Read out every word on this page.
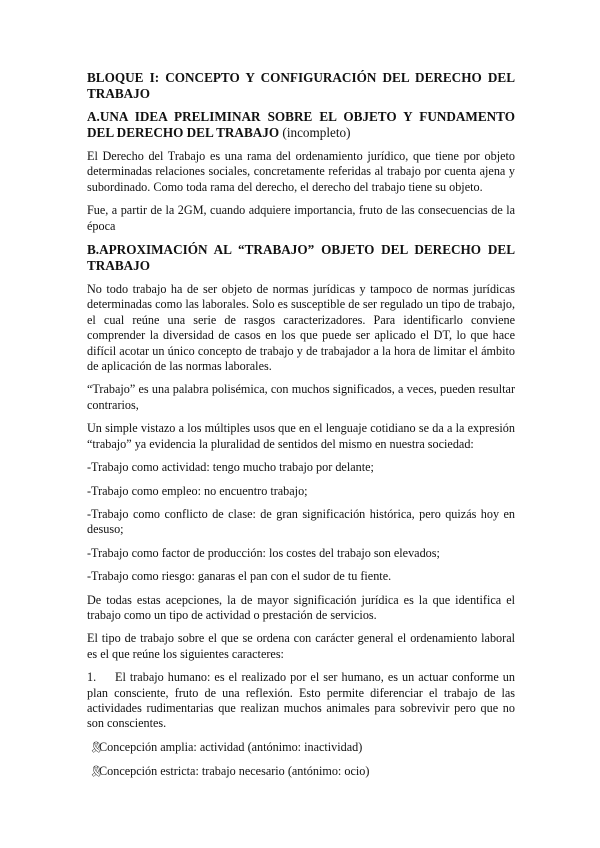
BLOQUE I: CONCEPTO Y CONFIGURACIÓN DEL DERECHO DEL TRABAJO
A.UNA IDEA PRELIMINAR SOBRE EL OBJETO Y FUNDAMENTO DEL DERECHO DEL TRABAJO (incompleto)

El Derecho del Trabajo es una rama del ordenamiento jurídico, que tiene por objeto determinadas relaciones sociales, concretamente referidas al trabajo por cuenta ajena y subordinado. Como toda rama del derecho, el derecho del trabajo tiene su objeto.

Fue, a partir de la 2GM, cuando adquiere importancia, fruto de las consecuencias de la época

B.APROXIMACIÓN AL “TRABAJO” OBJETO DEL DERECHO DEL TRABAJO

No todo trabajo ha de ser objeto de normas jurídicas y tampoco de normas jurídicas determinadas como las laborales. Solo es susceptible de ser regulado un tipo de trabajo, el cual reúne una serie de rasgos caracterizadores. Para identificarlo conviene comprender la diversidad de casos en los que puede ser aplicado el DT, lo que hace difícil acotar un único concepto de trabajo y de trabajador a la hora de limitar el ámbito de aplicación de las normas laborales.

“Trabajo” es una palabra polisémica, con muchos significados, a veces, pueden resultar contrarios,

Un simple vistazo a los múltiples usos que en el lenguaje cotidiano se da a la expresión “trabajo” ya evidencia la pluralidad de sentidos del mismo en nuestra sociedad:

-Trabajo como actividad: tengo mucho trabajo por delante;

-Trabajo como empleo: no encuentro trabajo;

-Trabajo como conflicto de clase: de gran significación histórica, pero quizás hoy en desuso;

-Trabajo como factor de producción: los costes del trabajo son elevados;

-Trabajo como riesgo: ganaras el pan con el sudor de tu fiente.

De todas estas acepciones, la de mayor significación jurídica es la que identifica el trabajo como un tipo de actividad o prestación de servicios.

El tipo de trabajo sobre el que se ordena con carácter general el ordenamiento laboral es el que reúne los siguientes caracteres:

1. El trabajo humano: es el realizado por el ser humano, es un actuar conforme un plan consciente, fruto de una reflexión. Esto permite diferenciar el trabajo de las actividades rudimentarias que realizan muchos animales para sobrevivir pero que no son conscientes.

🎗Concepción amplia: actividad (antónimo: inactividad)

🎗Concepción estricta: trabajo necesario (antónimo: ocio)
